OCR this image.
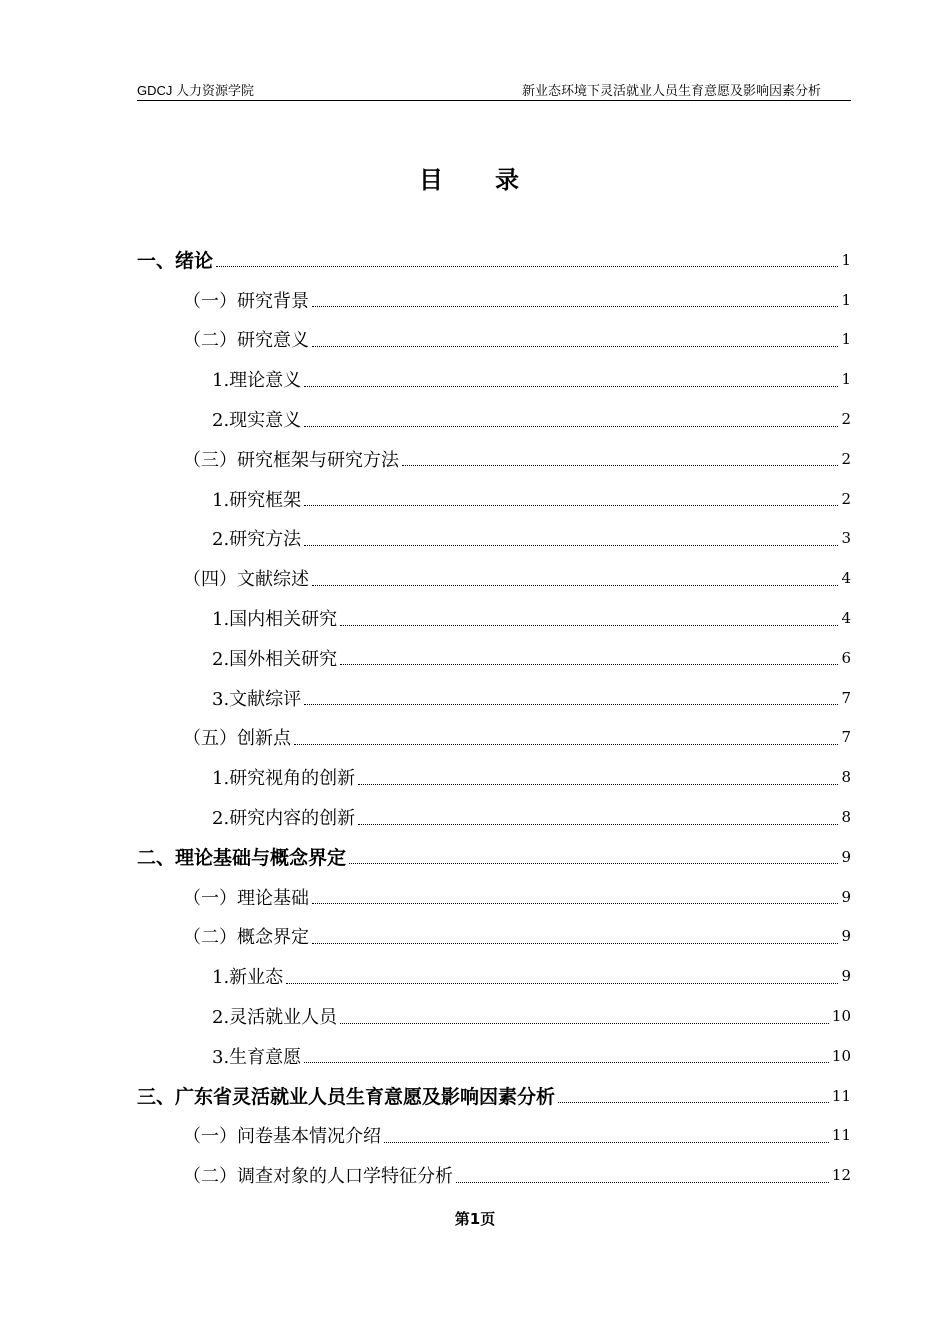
GDCJ 人力资源学院	新业态环境下灵活就业人员生育意愿及影响因素分析
目录
一、绪论	1
（一）研究背景	1
（二）研究意义	1
1.理论意义	1
2.现实意义	2
（三）研究框架与研究方法	2
1.研究框架	2
2.研究方法	3
（四）文献综述	4
1.国内相关研究	4
2.国外相关研究	6
3.文献综评	7
（五）创新点	7
1.研究视角的创新	8
2.研究内容的创新	8
二、理论基础与概念界定	9
（一）理论基础	9
（二）概念界定	9
1.新业态	9
2.灵活就业人员	10
3.生育意愿	10
三、广东省灵活就业人员生育意愿及影响因素分析	11
（一）问卷基本情况介绍	11
（二）调查对象的人口学特征分析	12
第1页
